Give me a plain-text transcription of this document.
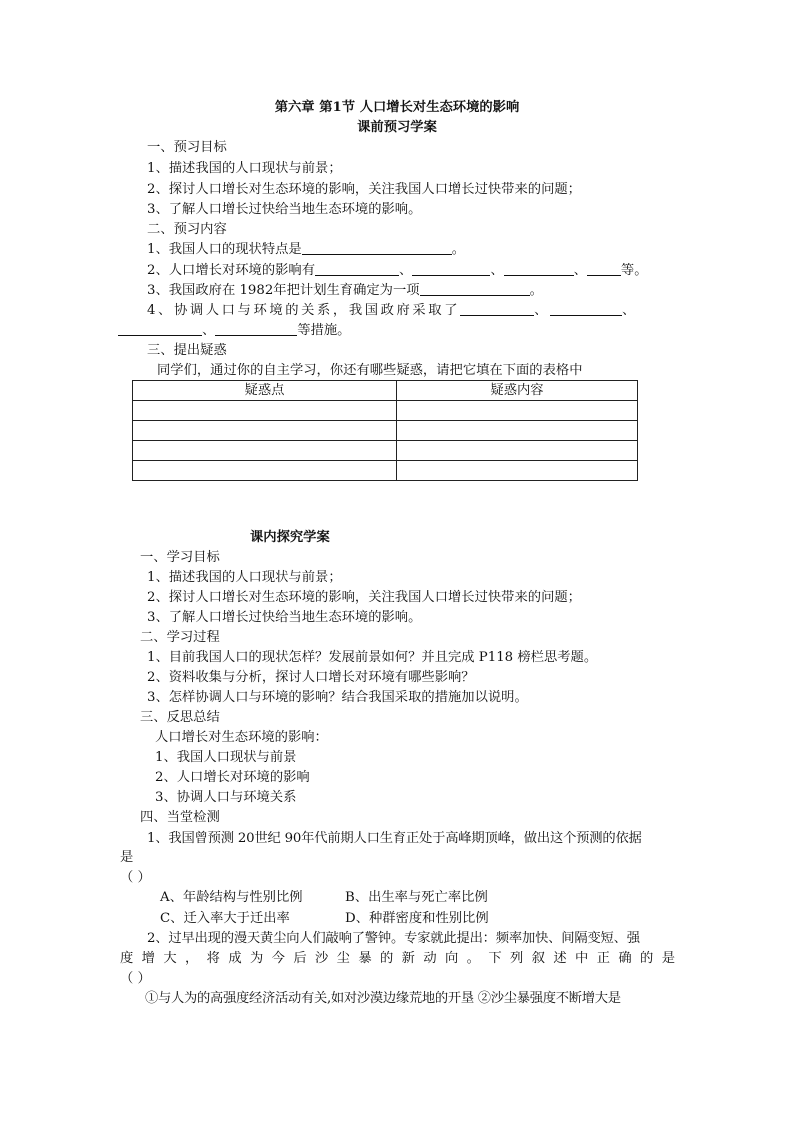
第六章 第1节 人口增长对生态环境的影响
课前预习学案
一、预习目标
1、描述我国的人口现状与前景；
2、探讨人口增长对生态环境的影响，关注我国人口增长过快带来的问题；
3、了解人口增长过快给当地生态环境的影响。
二、预习内容
1、我国人口的现状特点是	。
2、人口增长对环境的影响有	、	、	、	等。
3、我国政府在 1982年把计划生育确定为一项	。
4、协调人口与环境的关系，我国政府采取了	、	、
、	等措施。
三、提出疑惑
同学们，通过你的自主学习，你还有哪些疑惑，请把它填在下面的表格中
疑惑点	疑惑内容

课内探究学案
一、学习目标
1、描述我国的人口现状与前景；
2、探讨人口增长对生态环境的影响，关注我国人口增长过快带来的问题；
3、了解人口增长过快给当地生态环境的影响。
二、学习过程
1、目前我国人口的现状怎样？发展前景如何？并且完成 P118 榜栏思考题。
2、资料收集与分析，探讨人口增长对环境有哪些影响？
3、怎样协调人口与环境的影响？结合我国采取的措施加以说明。
三、反思总结
人口增长对生态环境的影响：
1、我国人口现状与前景
2、人口增长对环境的影响
3、协调人口与环境关系
四、当堂检测
1、我国曾预测 20世纪 90年代前期人口生育正处于高峰期顶峰，做出这个预测的依据
是
（ ）
A、年龄结构与性别比例	B、出生率与死亡率比例
C、迁入率大于迁出率	D、种群密度和性别比例
2、过早出现的漫天黄尘向人们敲响了警钟。专家就此提出：频率加快、间隔变短、强
度 增 大 ， 将 成 为 今 后 沙 尘 暴 的 新 动 向 。 下 列 叙 述 中 正 确 的 是
（ ）
①与人为的高强度经济活动有关,如对沙漠边缘荒地的开垦 ②沙尘暴强度不断增大是
